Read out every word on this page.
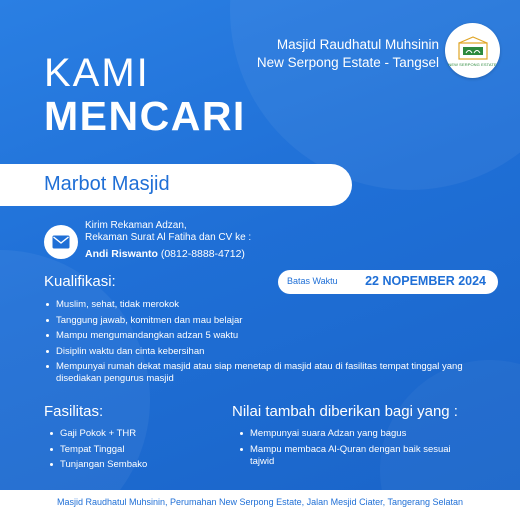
Masjid Raudhatul Muhsinin
New Serpong Estate - Tangsel NEW SERPONG ESTATE
KAMI
MENCARI
Marbot Masjid
Kirim Rekaman Adzan,
Rekaman Surat Al Fatiha dan CV ke :
Andi Riswanto (0812-8888-4712)
Kualifikasi:	Batas Waktu 22 NOPEMBER 2024
Muslim, sehat, tidak merokok
Tanggung jawab, komitmen dan mau belajar
Mampu mengumandangkan adzan 5 waktu
Disiplin waktu dan cinta kebersihan
Mempunyai rumah dekat masjid atau siap menetap di masjid atau di fasilitas tempat tinggal yang disediakan pengurus masjid
Fasilitas:
Gaji Pokok + THR
Tempat Tinggal
Tunjangan Sembako
Nilai tambah diberikan bagi yang :
Mempunyai suara Adzan yang bagus
Mampu membaca Al-Quran dengan baik sesuai tajwid
Masjid Raudhatul Muhsinin, Perumahan New Serpong Estate, Jalan Mesjid Ciater, Tangerang Selatan
